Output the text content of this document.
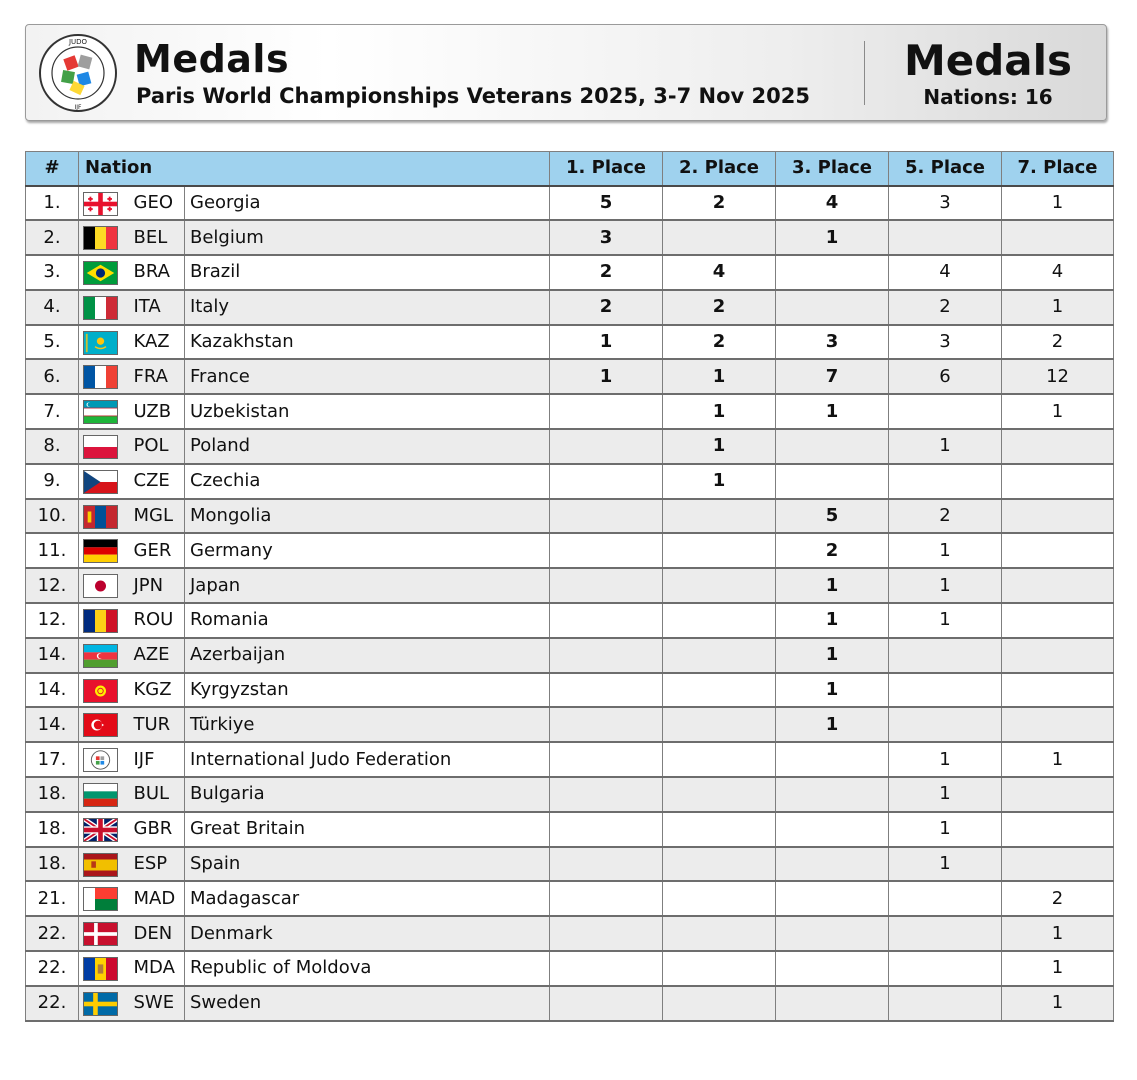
JUDO
IJF
Medals
Paris World Championships Veterans 2025, 3-7 Nov 2025
Medals
Nations: 16
#	Nation			1. Place	2. Place	3. Place	5. Place	7. Place
1.		GEO	Georgia	5	2	4	3	1
2.		BEL	Belgium	3		1		
3.		BRA	Brazil	2	4		4	4
4.		ITA	Italy	2	2		2	1
5.		KAZ	Kazakhstan	1	2	3	3	2
6.		FRA	France	1	1	7	6	12
7.		UZB	Uzbekistan		1	1		1
8.		POL	Poland		1		1	
9.		CZE	Czechia		1			
10.		MGL	Mongolia			5	2	
11.		GER	Germany			2	1	
12.		JPN	Japan			1	1	
12.		ROU	Romania			1	1	
14.		AZE	Azerbaijan			1		
14.		KGZ	Kyrgyzstan			1		
14.		TUR	Türkiye			1		
17.		IJF	International Judo Federation				1	1
18.		BUL	Bulgaria				1	
18.		GBR	Great Britain				1	
18.		ESP	Spain				1	
21.		MAD	Madagascar					2
22.		DEN	Denmark					1
22.		MDA	Republic of Moldova					1
22.		SWE	Sweden					1
